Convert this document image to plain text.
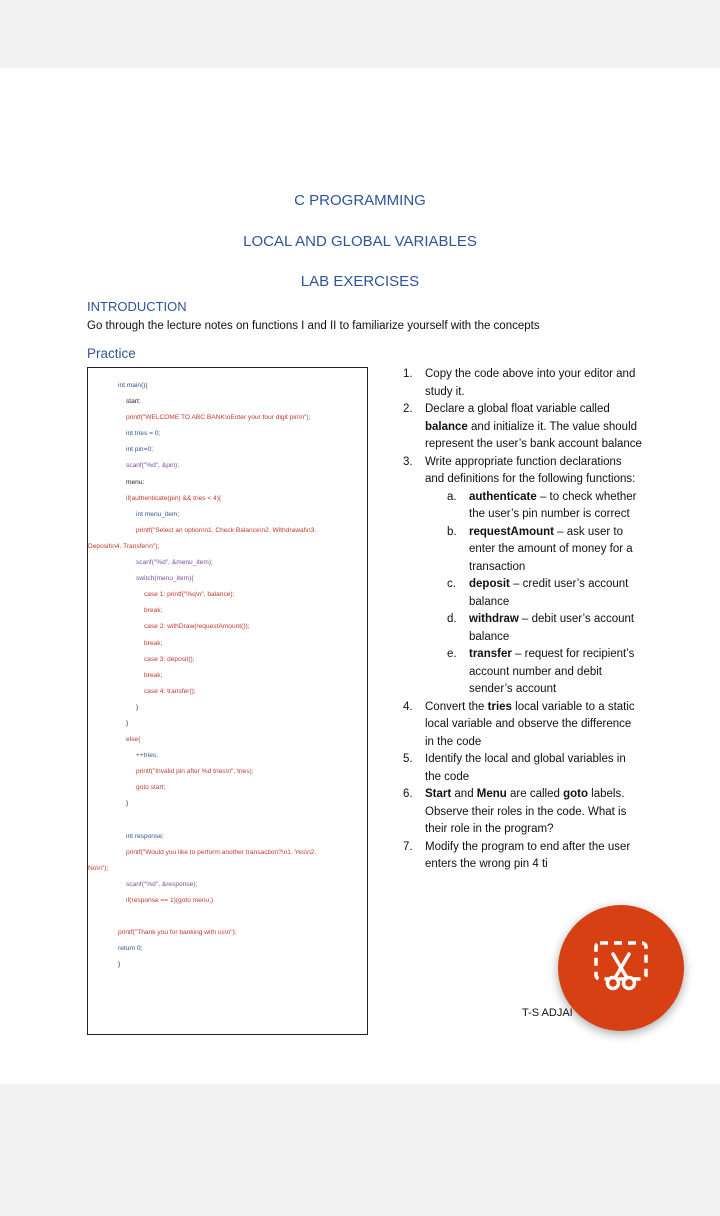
C PROGRAMMING

LOCAL AND GLOBAL VARIABLES

LAB EXERCISES

INTRODUCTION

Go through the lecture notes on functions I and II to familiarize yourself with the concepts

Practice

int main(){
start:
printf("WELCOME TO ABC BANK\nEnter your four digit pin\n");
int tries = 0;
int pin=0;
scanf("%d", &pin);
menu:
if(authenticate(pin) && tries < 4){
int menu_item;
printf("Select an option\n1. Check Balance\n2. Withdrawal\n3.
Deposit\n4. Transfer\n");
scanf("%d", &menu_item);
switch(menu_item){
case 1: printf("%q\n", balance);
break;
case 2: withDraw(requestAmount());
break;
case 3: deposit();
break;
case 4: transfer();
}
}
else{
++tries;
printf("Invalid pin after %d tries\n", tries);
goto start;
}
int response;
printf("Would you like to perform another transaction?\n1. Yes\n2.
No\n");
scanf("%d", &response);
if(response == 1)(goto menu;)
printf("Thank you for banking with us\n");
return 0;
}
1.	Copy the code above into your editor and study it.
2.	Declare a global float variable called balance and initialize it. The value should represent the user’s bank account balance
3.	Write appropriate function declarations and definitions for the following functions:
a.	authenticate – to check whether the user’s pin number is correct
b.	requestAmount – ask user to enter the amount of money for a transaction
c.	deposit – credit user’s account balance
d.	withdraw – debit user’s account balance
e.	transfer – request for recipient’s account number and debit sender’s account
4.	Convert the tries local variable to a static local variable and observe the difference in the code
5.	Identify the local and global variables in the code
6.	Start and Menu are called goto labels. Observe their roles in the code. What is their role in the program?
7.	Modify the program to end after the user enters the wrong pin 4 ti
T-S ADJAI
